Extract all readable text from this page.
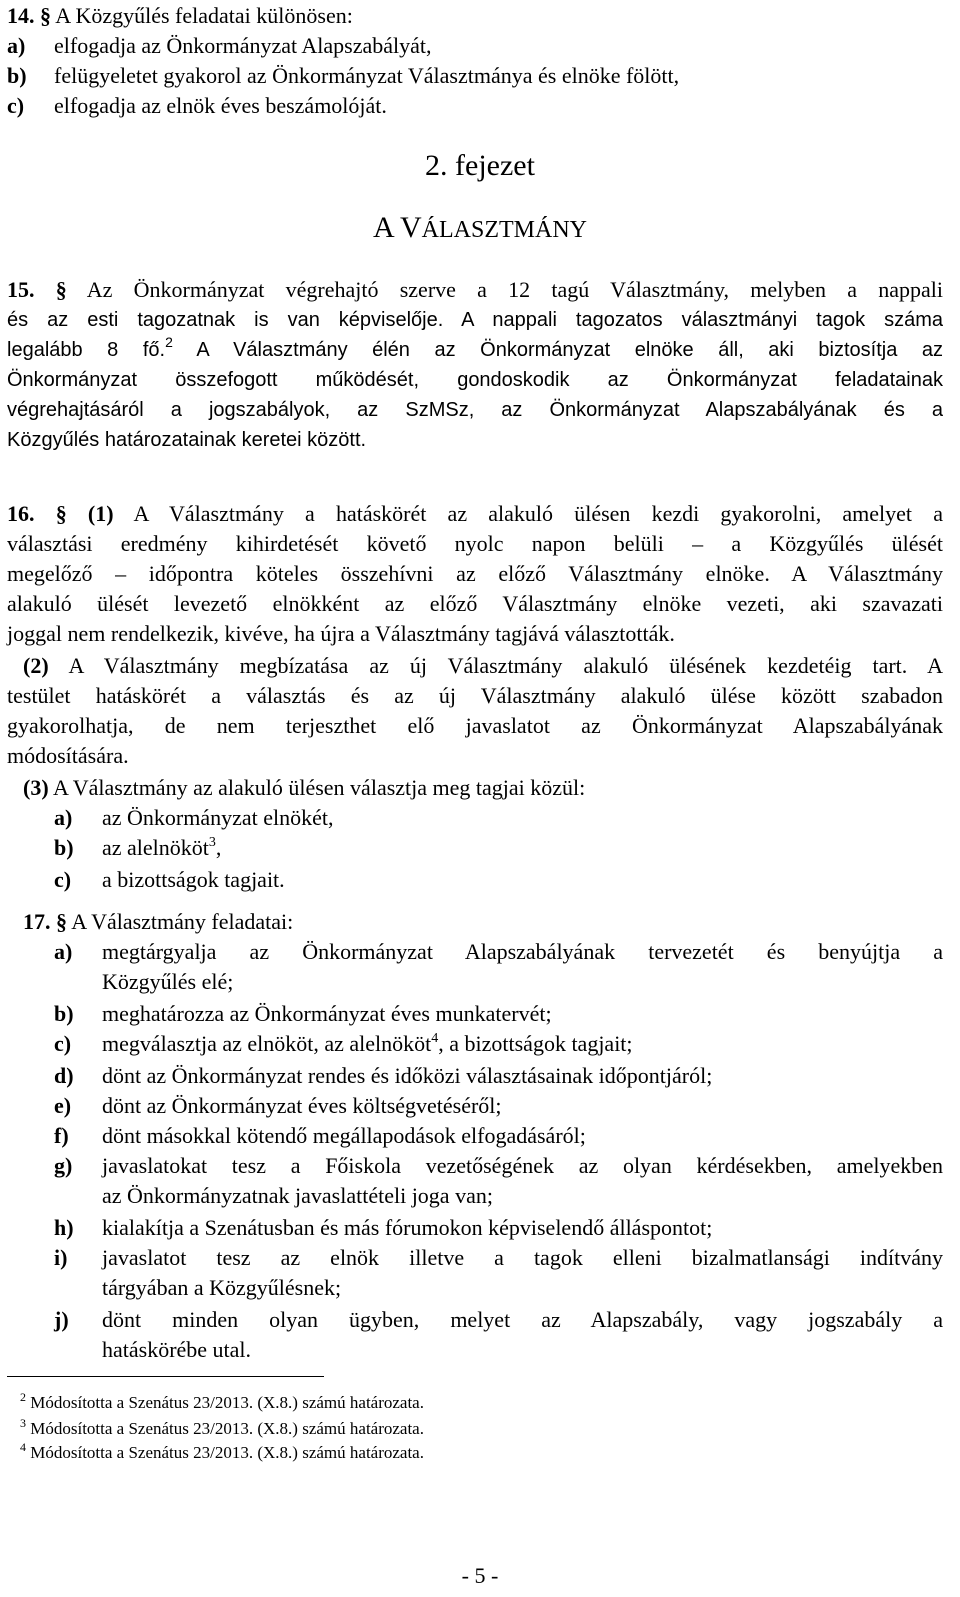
14. § A Közgyűlés feladatai különösen:
a)	elfogadja az Önkormányzat Alapszabályát,
b)	felügyeletet gyakorol az Önkormányzat Választmánya és elnöke fölött,
c)	elfogadja az elnök éves beszámolóját.
2. fejezet
A VÁLASZTMÁNY
15. § Az Önkormányzat végrehajtó szerve a 12 tagú Választmány, melyben a nappali
és az esti tagozatnak is van képviselője. A nappali tagozatos választmányi tagok száma
legalább 8 fő.$^2$ A Választmány élén az Önkormányzat elnöke áll, aki biztosítja az
Önkormányzat összefogott működését, gondoskodik az Önkormányzat feladatainak
végrehajtásáról a jogszabályok, az SzMSz, az Önkormányzat Alapszabályának és a
Közgyűlés határozatainak keretei között.
16. § (1) A Választmány a hatáskörét az alakuló ülésen kezdi gyakorolni, amelyet a
választási eredmény kihirdetését követő nyolc napon belüli – a Közgyűlés ülését
megelőző – időpontra köteles összehívni az előző Választmány elnöke. A Választmány
alakuló ülését levezető elnökként az előző Választmány elnöke vezeti, aki szavazati
joggal nem rendelkezik, kivéve, ha újra a Választmány tagjává választották.
(2) A Választmány megbízatása az új Választmány alakuló ülésének kezdetéig tart. A
testület hatáskörét a választás és az új Választmány alakuló ülése között szabadon
gyakorolhatja, de nem terjeszthet elő javaslatot az Önkormányzat Alapszabályának
módosítására.
(3) A Választmány az alakuló ülésen választja meg tagjai közül:
a)	az Önkormányzat elnökét,
b)	az alelnököt$^3$,
c)	a bizottságok tagjait.
17. § A Választmány feladatai:
a)	megtárgyalja az Önkormányzat Alapszabályának tervezetét és benyújtja a
Közgyűlés elé;
b)	meghatározza az Önkormányzat éves munkatervét;
c)	megválasztja az elnököt, az alelnököt$^4$, a bizottságok tagjait;
d)	dönt az Önkormányzat rendes és időközi választásainak időpontjáról;
e)	dönt az Önkormányzat éves költségvetéséről;
f)	dönt másokkal kötendő megállapodások elfogadásáról;
g)	javaslatokat tesz a Főiskola vezetőségének az olyan kérdésekben, amelyekben
az Önkormányzatnak javaslattételi joga van;
h)	kialakítja a Szenátusban és más fórumokon képviselendő álláspontot;
i)	javaslatot tesz az elnök illetve a tagok elleni bizalmatlansági indítvány
tárgyában a Közgyűlésnek;
j)	dönt minden olyan ügyben, melyet az Alapszabály, vagy jogszabály a
hatáskörébe utal.
$^2$ Módosította a Szenátus 23/2013. (X.8.) számú határozata.
$^3$ Módosította a Szenátus 23/2013. (X.8.) számú határozata.
$^4$ Módosította a Szenátus 23/2013. (X.8.) számú határozata.
- 5 -
